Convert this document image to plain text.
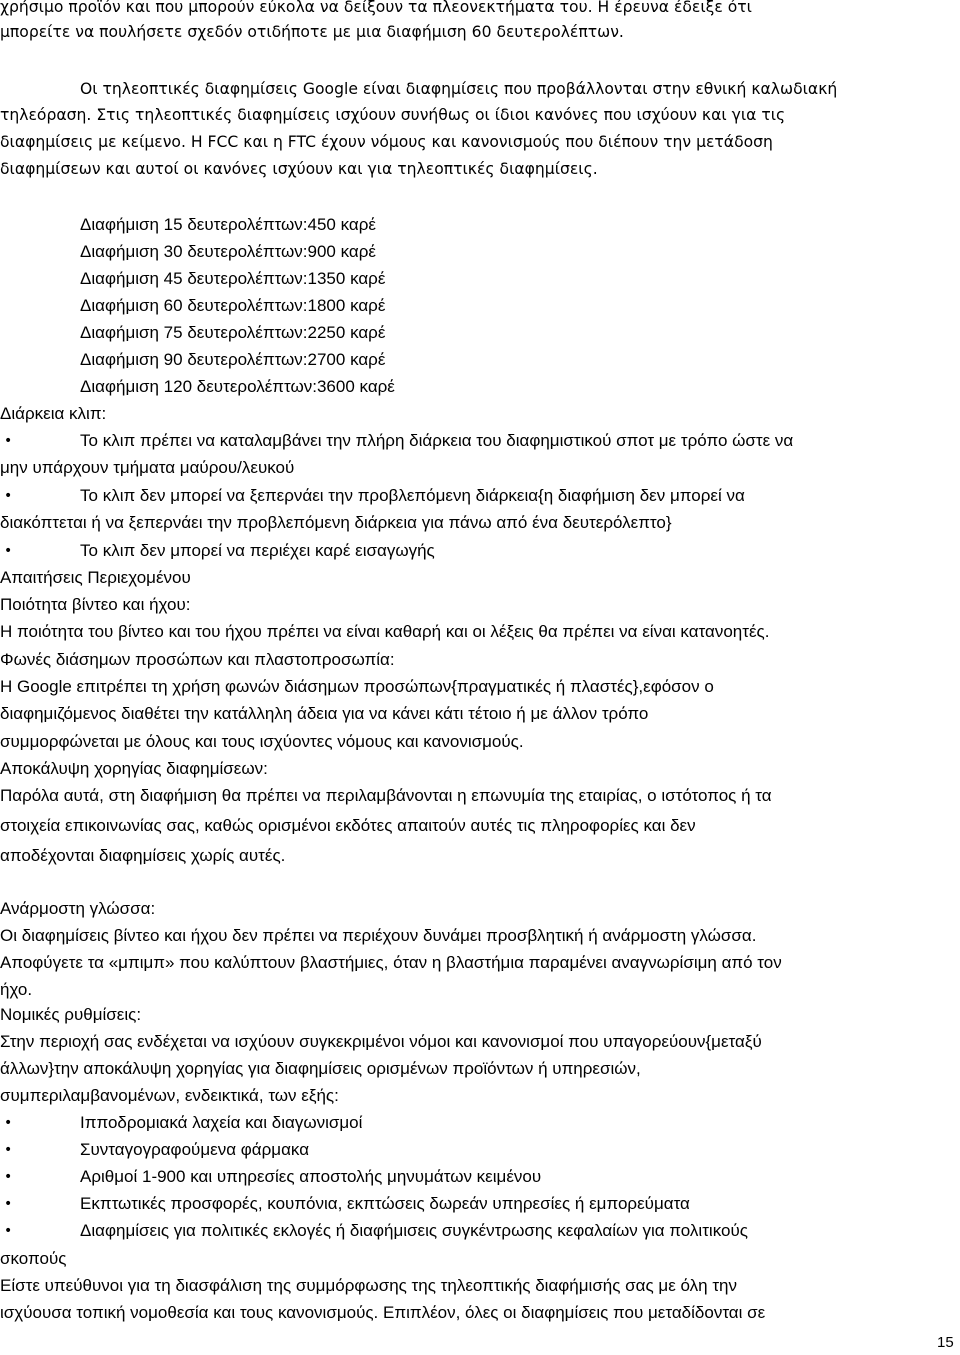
χρήσιμο προϊόν και που μπορούν εύκολα να δείξουν τα πλεονεκτήματα του. Η έρευνα έδειξε ότι

μπορείτε να πουλήσετε σχεδόν οτιδήποτε με μια διαφήμιση 60 δευτερολέπτων.

Οι τηλεοπτικές διαφημίσεις Google είναι διαφημίσεις που προβάλλονται στην εθνική καλωδιακή

τηλεόραση. Στις τηλεοπτικές διαφημίσεις ισχύουν συνήθως οι ίδιοι κανόνες που ισχύουν και για τις

διαφημίσεις με κείμενο. Η FCC και η FTC έχουν νόμους και κανονισμούς που διέπουν την μετάδοση

διαφημίσεων και αυτοί οι κανόνες ισχύουν και για τηλεοπτικές διαφημίσεις.

Διαφήμιση 15 δευτερολέπτων:450 καρέ

Διαφήμιση 30 δευτερολέπτων:900 καρέ

Διαφήμιση 45 δευτερολέπτων:1350 καρέ

Διαφήμιση 60 δευτερολέπτων:1800 καρέ

Διαφήμιση 75 δευτερολέπτων:2250 καρέ

Διαφήμιση 90 δευτερολέπτων:2700 καρέ

Διαφήμιση 120 δευτερολέπτων:3600 καρέ

Διάρκεια κλιπ:

•	Το κλιπ πρέπει να καταλαμβάνει την πλήρη διάρκεια του διαφημιστικού σποτ με τρόπο ώστε να

μην υπάρχουν τμήματα μαύρου/λευκού

•	Το κλιπ δεν μπορεί να ξεπερνάει την προβλεπόμενη διάρκεια{η διαφήμιση δεν μπορεί να

διακόπτεται ή να ξεπερνάει την προβλεπόμενη διάρκεια για πάνω από ένα δευτερόλεπτο}

•	Το κλιπ δεν μπορεί να περιέχει καρέ εισαγωγής

Απαιτήσεις Περιεχομένου

Ποιότητα βίντεο και ήχου:

Η ποιότητα του βίντεο και του ήχου πρέπει να είναι καθαρή και οι λέξεις θα πρέπει να είναι κατανοητές.

Φωνές διάσημων προσώπων και πλαστοπροσωπία:

Η Google επιτρέπει τη χρήση φωνών διάσημων προσώπων{πραγματικές ή πλαστές},εφόσον ο

διαφημιζόμενος διαθέτει την κατάλληλη άδεια για να κάνει κάτι τέτοιο ή με άλλον τρόπο

συμμορφώνεται με όλους και τους ισχύοντες νόμους και κανονισμούς.

Αποκάλυψη χορηγίας διαφημίσεων:

Παρόλα αυτά, στη διαφήμιση θα πρέπει να περιλαμβάνονται η επωνυμία της εταιρίας, ο ιστότοπος ή τα

στοιχεία επικοινωνίας σας, καθώς ορισμένοι εκδότες απαιτούν αυτές τις πληροφορίες και δεν

αποδέχονται διαφημίσεις χωρίς αυτές.

Ανάρμοστη γλώσσα:

Οι διαφημίσεις βίντεο και ήχου δεν πρέπει να περιέχουν δυνάμει προσβλητική ή ανάρμοστη γλώσσα.

Αποφύγετε τα «μπιμπ» που καλύπτουν βλαστήμιες, όταν η βλαστήμια παραμένει αναγνωρίσιμη από τον

ήχο.

Νομικές ρυθμίσεις:

Στην περιοχή σας ενδέχεται να ισχύουν συγκεκριμένοι νόμοι και κανονισμοί που υπαγορεύουν{μεταξύ

άλλων}την αποκάλυψη χορηγίας για διαφημίσεις ορισμένων προϊόντων ή υπηρεσιών,

συμπεριλαμβανομένων, ενδεικτικά, των εξής:

•	Ιπποδρομιακά λαχεία και διαγωνισμοί

•	Συνταγογραφούμενα φάρμακα

•	Αριθμοί 1-900 και υπηρεσίες αποστολής μηνυμάτων κειμένου

•	Εκπτωτικές προσφορές, κουπόνια, εκπτώσεις δωρεάν υπηρεσίες ή εμπορεύματα

•	Διαφημίσεις για πολιτικές εκλογές ή διαφήμισεις συγκέντρωσης κεφαλαίων για πολιτικούς

σκοπούς

Είστε υπεύθυνοι για τη διασφάλιση της συμμόρφωσης της τηλεοπτικής διαφήμισής σας με όλη την

ισχύουσα τοπική νομοθεσία και τους κανονισμούς. Επιπλέον, όλες οι διαφημίσεις που μεταδίδονται σε

15
